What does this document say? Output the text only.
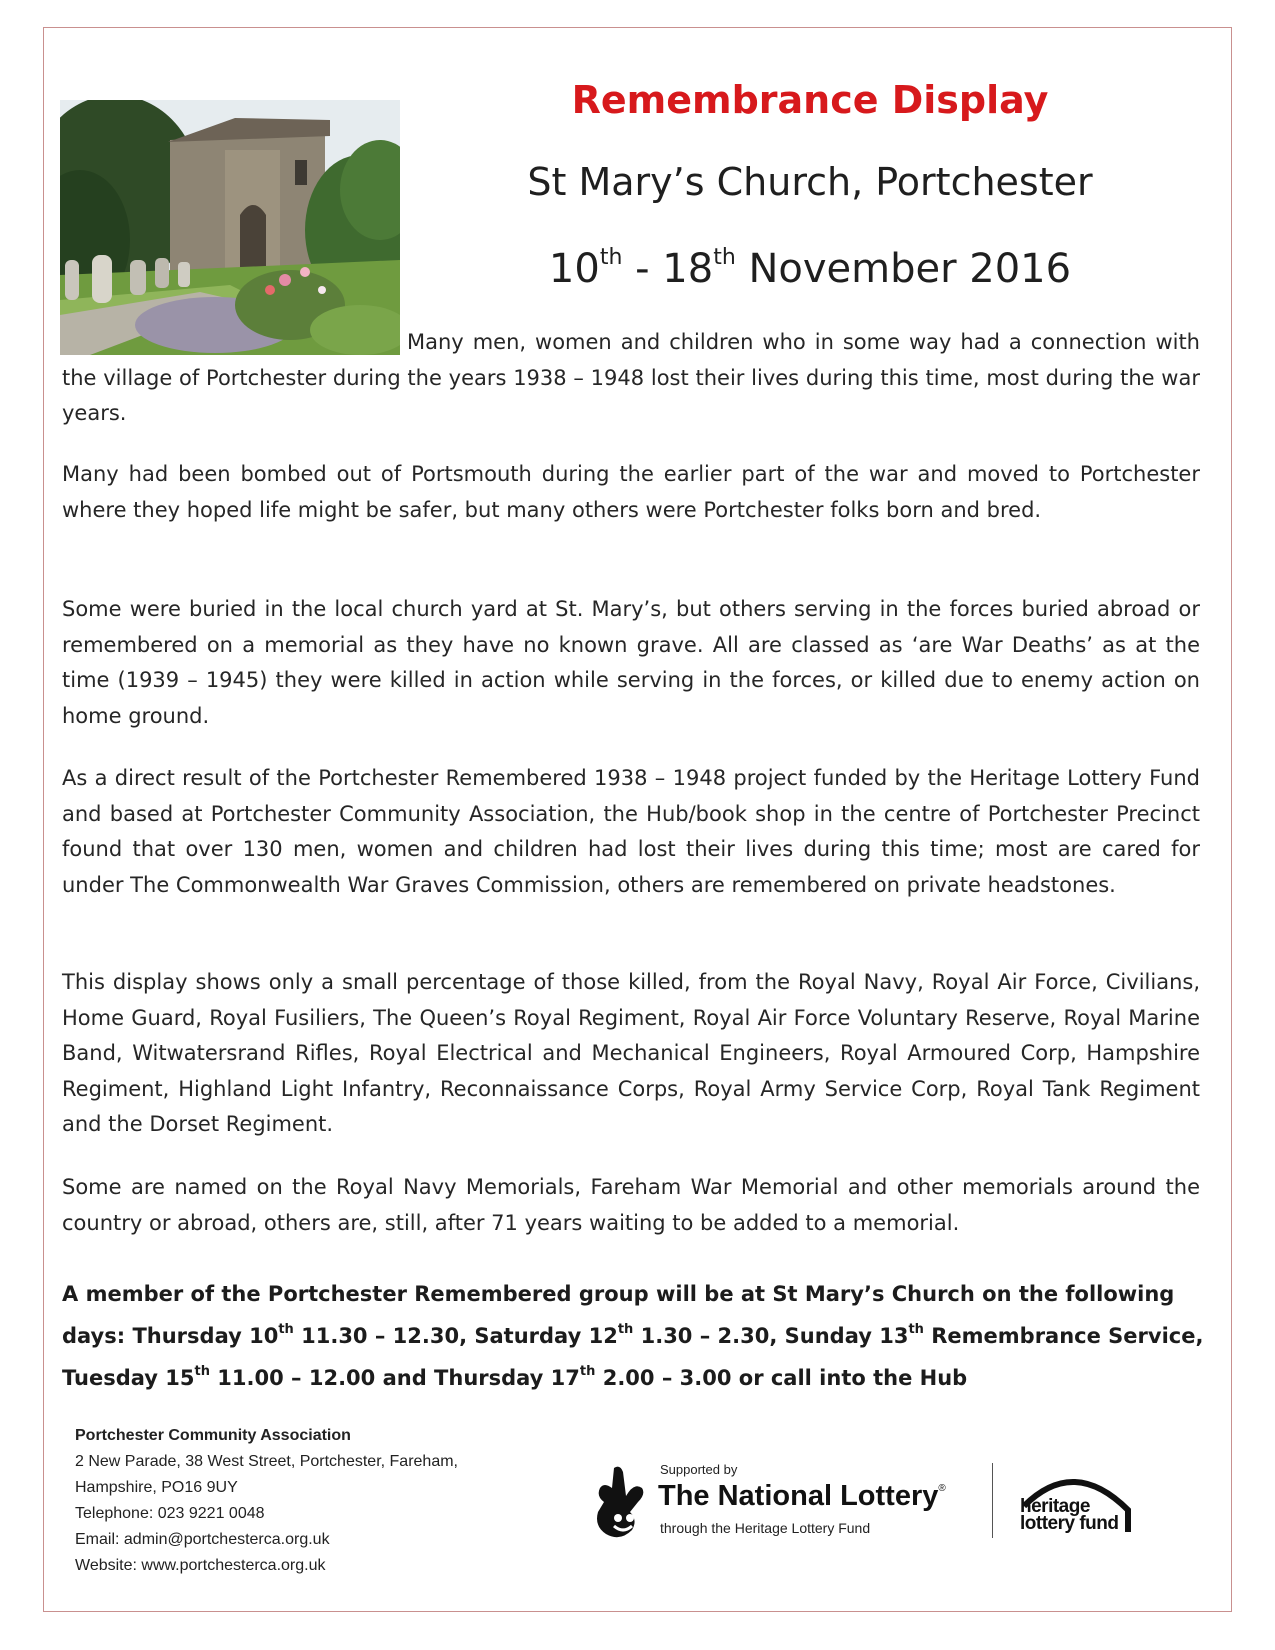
Remembrance Display
St Mary’s Church, Portchester
10th - 18th November 2016

Many men, women and children who in some way had a connection with the village of Portchester during the years 1938 – 1948 lost their lives during this time, most during the war years.

Many had been bombed out of Portsmouth during the earlier part of the war and moved to Portchester where they hoped life might be safer, but many others were Portchester folks born and bred.

Some were buried in the local church yard at St. Mary’s, but others serving in the forces buried abroad or remembered on a memorial as they have no known grave. All are classed as ‘are War Deaths’ as at the time (1939 – 1945) they were killed in action while serving in the forces, or killed due to enemy action on home ground.

As a direct result of the Portchester Remembered 1938 – 1948 project funded by the Heritage Lottery Fund and based at Portchester Community Association, the Hub/book shop in the centre of Portchester Precinct found that over 130 men, women and children had lost their lives during this time; most are cared for under The Commonwealth War Graves Commission, others are remembered on private headstones.

This display shows only a small percentage of those killed, from the Royal Navy, Royal Air Force, Civilians, Home Guard, Royal Fusiliers, The Queen’s Royal Regiment, Royal Air Force Voluntary Reserve, Royal Marine Band, Witwatersrand Rifles, Royal Electrical and Mechanical Engineers, Royal Armoured Corp, Hampshire Regiment, Highland Light Infantry, Reconnaissance Corps, Royal Army Service Corp, Royal Tank Regiment and the Dorset Regiment.

Some are named on the Royal Navy Memorials, Fareham War Memorial and other memorials around the country or abroad, others are, still, after 71 years waiting to be added to a memorial.

A member of the Portchester Remembered group will be at St Mary’s Church on the following days: Thursday 10th 11.30 – 12.30, Saturday 12th 1.30 – 2.30, Sunday 13th Remembrance Service, Tuesday 15th 11.00 – 12.00 and Thursday 17th 2.00 – 3.00 or call into the Hub

Portchester Community Association
2 New Parade, 38 West Street, Portchester, Fareham,
Hampshire, PO16 9UY
Telephone: 023 9221 0048
Email: admin@portchesterca.org.uk
Website: www.portchesterca.org.uk
Supported by
The National Lottery®
through the Heritage Lottery Fund
heritage
lottery fund
